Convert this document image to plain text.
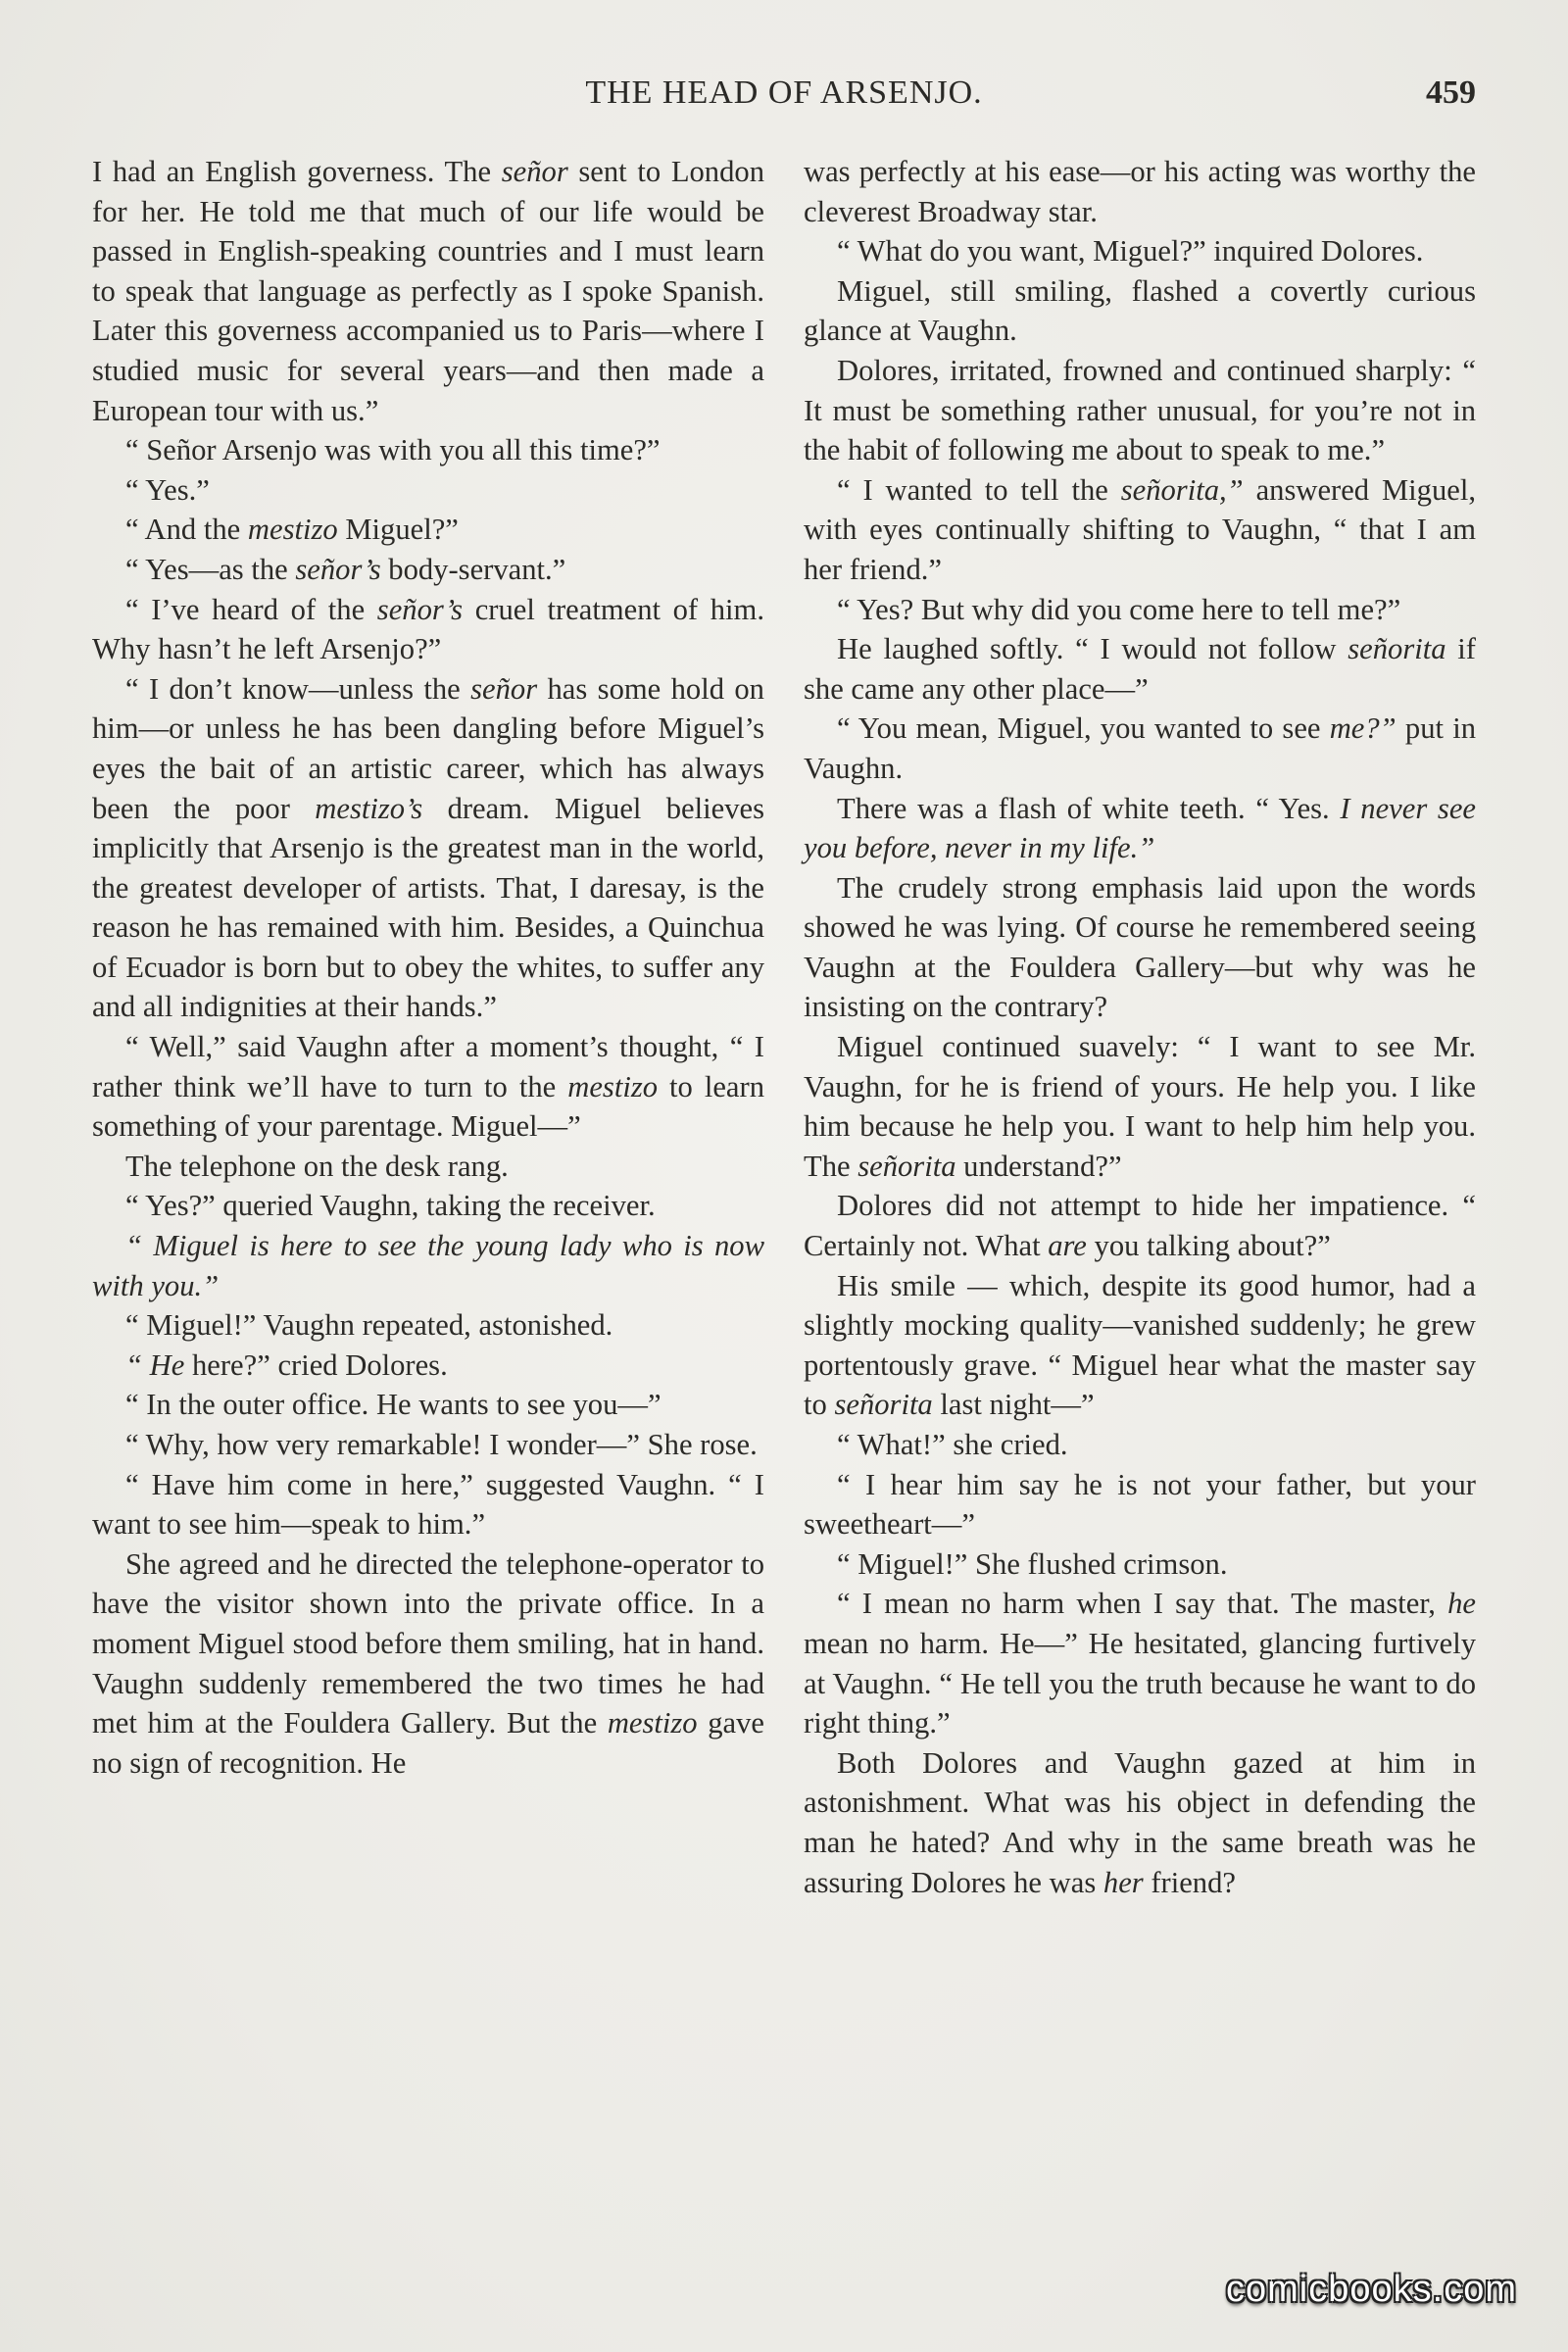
THE HEAD OF ARSENJO.	459

I had an English governess. The señor sent to London for her. He told me that much of our life would be passed in English-speaking countries and I must learn to speak that language as perfectly as I spoke Spanish. Later this governess accompanied us to Paris—where I studied music for several years—and then made a European tour with us.”

“ Señor Arsenjo was with you all this time?”

“ Yes.”

“ And the mestizo Miguel?”

“ Yes—as the señor’s body-servant.”

“ I’ve heard of the señor’s cruel treatment of him. Why hasn’t he left Arsenjo?”

“ I don’t know—unless the señor has some hold on him—or unless he has been dangling before Miguel’s eyes the bait of an artistic career, which has always been the poor mestizo’s dream. Miguel believes implicitly that Arsenjo is the greatest man in the world, the greatest developer of artists. That, I daresay, is the reason he has remained with him. Besides, a Quinchua of Ecuador is born but to obey the whites, to suffer any and all indignities at their hands.”

“ Well,” said Vaughn after a moment’s thought, “ I rather think we’ll have to turn to the mestizo to learn something of your parentage. Miguel—”

The telephone on the desk rang.

“ Yes?” queried Vaughn, taking the receiver.

“ Miguel is here to see the young lady who is now with you.”

“ Miguel!” Vaughn repeated, astonished.

“ He here?” cried Dolores.

“ In the outer office. He wants to see you—”

“ Why, how very remarkable! I wonder—” She rose.

“ Have him come in here,” suggested Vaughn. “ I want to see him—speak to him.”

She agreed and he directed the telephone-operator to have the visitor shown into the private office. In a moment Miguel stood before them smiling, hat in hand. Vaughn suddenly remembered the two times he had met him at the Fouldera Gallery. But the mestizo gave no sign of recognition. He

was perfectly at his ease—or his acting was worthy the cleverest Broadway star.

“ What do you want, Miguel?” inquired Dolores.

Miguel, still smiling, flashed a covertly curious glance at Vaughn.

Dolores, irritated, frowned and continued sharply: “ It must be something rather unusual, for you’re not in the habit of following me about to speak to me.”

“ I wanted to tell the señorita,” answered Miguel, with eyes continually shifting to Vaughn, “ that I am her friend.”

“ Yes? But why did you come here to tell me?”

He laughed softly. “ I would not follow señorita if she came any other place—”

“ You mean, Miguel, you wanted to see me?” put in Vaughn.

There was a flash of white teeth. “ Yes. I never see you before, never in my life.”

The crudely strong emphasis laid upon the words showed he was lying. Of course he remembered seeing Vaughn at the Fouldera Gallery—but why was he insisting on the contrary?

Miguel continued suavely: “ I want to see Mr. Vaughn, for he is friend of yours. He help you. I like him because he help you. I want to help him help you. The señorita understand?”

Dolores did not attempt to hide her impatience. “ Certainly not. What are you talking about?”

His smile — which, despite its good humor, had a slightly mocking quality—vanished suddenly; he grew portentously grave. “ Miguel hear what the master say to señorita last night—”

“ What!” she cried.

“ I hear him say he is not your father, but your sweetheart—”

“ Miguel!” She flushed crimson.

“ I mean no harm when I say that. The master, he mean no harm. He—” He hesitated, glancing furtively at Vaughn. “ He tell you the truth because he want to do right thing.”

Both Dolores and Vaughn gazed at him in astonishment. What was his object in defending the man he hated? And why in the same breath was he assuring Dolores he was her friend?

comicbooks.com
